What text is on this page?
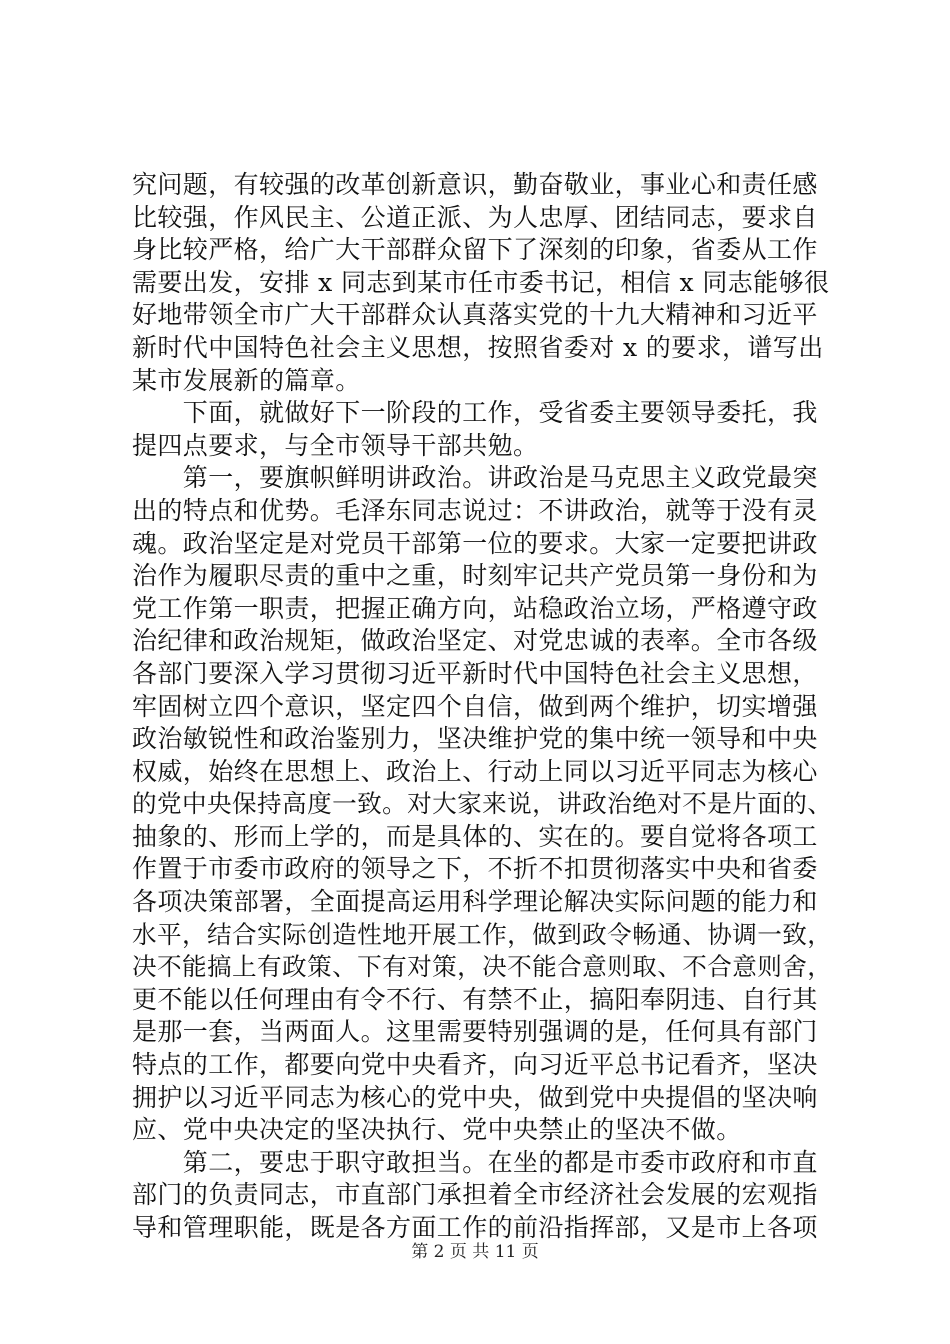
究问题，有较强的改革创新意识，勤奋敬业，事业心和责任感
比较强，作风民主、公道正派、为人忠厚、团结同志，要求自
身比较严格，给广大干部群众留下了深刻的印象，省委从工作
需要出发，安排 x 同志到某市任市委书记，相信 x 同志能够很
好地带领全市广大干部群众认真落实党的十九大精神和习近平
新时代中国特色社会主义思想，按照省委对 x 的要求，谱写出
某市发展新的篇章。
　　下面，就做好下一阶段的工作，受省委主要领导委托，我
提四点要求，与全市领导干部共勉。
　　第一，要旗帜鲜明讲政治。讲政治是马克思主义政党最突
出的特点和优势。毛泽东同志说过：不讲政治，就等于没有灵
魂。政治坚定是对党员干部第一位的要求。大家一定要把讲政
治作为履职尽责的重中之重，时刻牢记共产党员第一身份和为
党工作第一职责，把握正确方向，站稳政治立场，严格遵守政
治纪律和政治规矩，做政治坚定、对党忠诚的表率。全市各级
各部门要深入学习贯彻习近平新时代中国特色社会主义思想，
牢固树立四个意识，坚定四个自信，做到两个维护，切实增强
政治敏锐性和政治鉴别力，坚决维护党的集中统一领导和中央
权威，始终在思想上、政治上、行动上同以习近平同志为核心
的党中央保持高度一致。对大家来说，讲政治绝对不是片面的、
抽象的、形而上学的，而是具体的、实在的。要自觉将各项工
作置于市委市政府的领导之下，不折不扣贯彻落实中央和省委
各项决策部署，全面提高运用科学理论解决实际问题的能力和
水平，结合实际创造性地开展工作，做到政令畅通、协调一致，
决不能搞上有政策、下有对策，决不能合意则取、不合意则舍，
更不能以任何理由有令不行、有禁不止，搞阳奉阴违、自行其
是那一套，当两面人。这里需要特别强调的是，任何具有部门
特点的工作，都要向党中央看齐，向习近平总书记看齐，坚决
拥护以习近平同志为核心的党中央，做到党中央提倡的坚决响
应、党中央决定的坚决执行、党中央禁止的坚决不做。
　　第二，要忠于职守敢担当。在坐的都是市委市政府和市直
部门的负责同志，市直部门承担着全市经济社会发展的宏观指
导和管理职能，既是各方面工作的前沿指挥部，又是市上各项
第 2 页 共 11 页
